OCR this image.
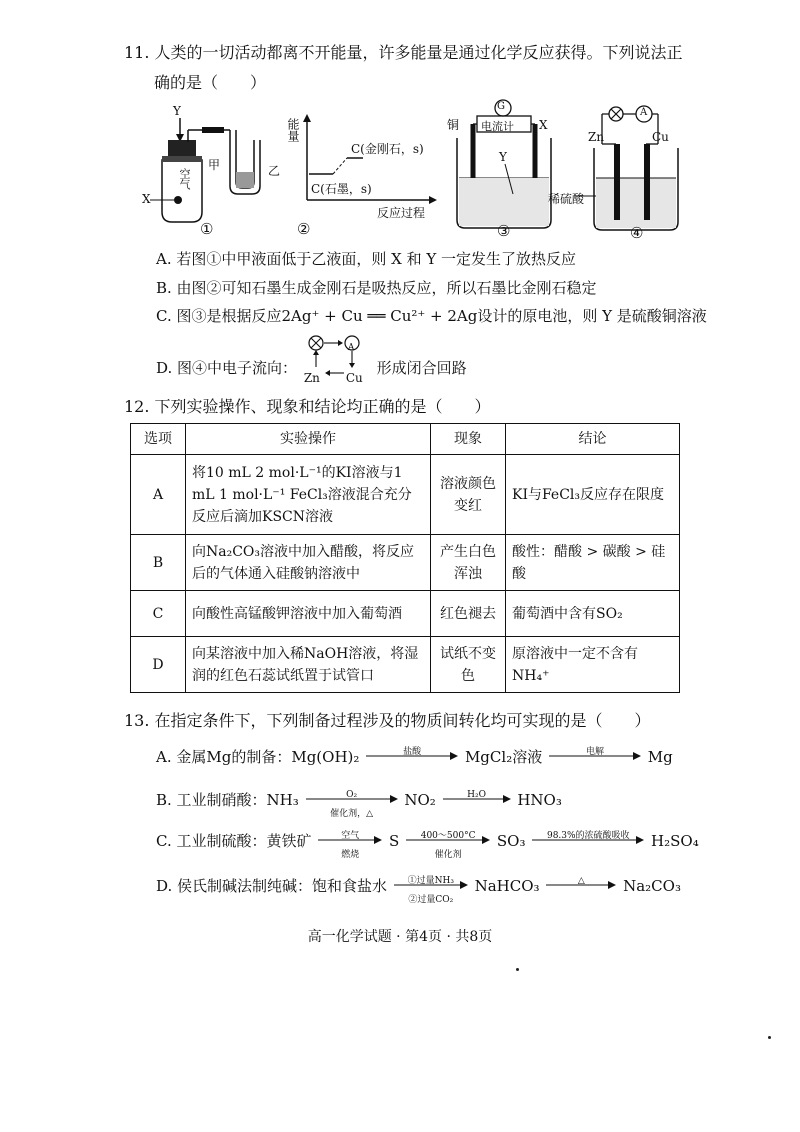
11. 人类的一切活动都离不开能量，许多能量是通过化学反应获得。下列说法正
确的是（　　）
Y
X
甲	乙
空气
①
能量
C(金刚石，s)
C(石墨，s)
反应过程
②
G
铜 电流计 X
Y
③
A
Zn	Cu
稀硫酸
④
A. 若图①中甲液面低于乙液面，则 X 和 Y 一定发生了放热反应
B. 由图②可知石墨生成金刚石是吸热反应，所以石墨比金刚石稳定
C. 图③是根据反应2Ag⁺ + Cu ══ Cu²⁺ + 2Ag设计的原电池，则 Y 是硫酸铜溶液
D. 图④中电子流向：
A
Zn Cu
形成闭合回路
12. 下列实验操作、现象和结论均正确的是（　　）
选项	实验操作	现象	结论
A	将10 mL 2 mol·L⁻¹的KI溶液与1 mL 1 mol·L⁻¹ FeCl₃溶液混合充分反应后滴加KSCN溶液	溶液颜色变红	KI与FeCl₃反应存在限度
B	向Na₂CO₃溶液中加入醋酸，将反应后的气体通入硅酸钠溶液中	产生白色浑浊	酸性：醋酸 > 碳酸 > 硅酸
C	向酸性高锰酸钾溶液中加入葡萄酒	红色褪去	葡萄酒中含有SO₂
D	向某溶液中加入稀NaOH溶液，将湿润的红色石蕊试纸置于试管口	试纸不变色	原溶液中一定不含有NH₄⁺
13. 在指定条件下，下列制备过程涉及的物质间转化均可实现的是（　　）
A. 金属Mg的制备：Mg(OH)₂	盐酸	MgCl₂溶液	电解	Mg
B. 工业制硝酸：NH₃	O₂
催化剂，△
NO₂	H₂O	HNO₃
C. 工业制硫酸：黄铁矿	空气
燃烧
S	400～500°C
催化剂
SO₃	98.3%的浓硫酸吸收	H₂SO₄
D. 侯氏制碱法制纯碱：饱和食盐水	①过量NH₃
②过量CO₂
NaHCO₃	△	Na₂CO₃
高一化学试题 · 第4页 · 共8页
